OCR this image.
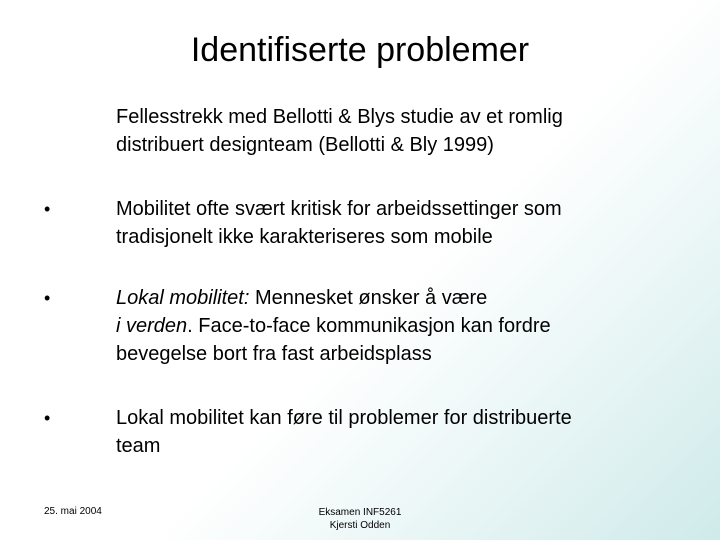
Identifiserte problemer
Fellesstrekk med Bellotti & Blys studie av et romlig
distribuert designteam (Bellotti & Bly 1999)
•	Mobilitet ofte svært kritisk for arbeidssettinger som
tradisjonelt ikke karakteriseres som mobile
•	Lokal mobilitet: Mennesket ønsker å være
i verden. Face-to-face kommunikasjon kan fordre
bevegelse bort fra fast arbeidsplass
•	Lokal mobilitet kan føre til problemer for distribuerte
team
25. mai 2004	Eksamen INF5261
Kjersti Odden
